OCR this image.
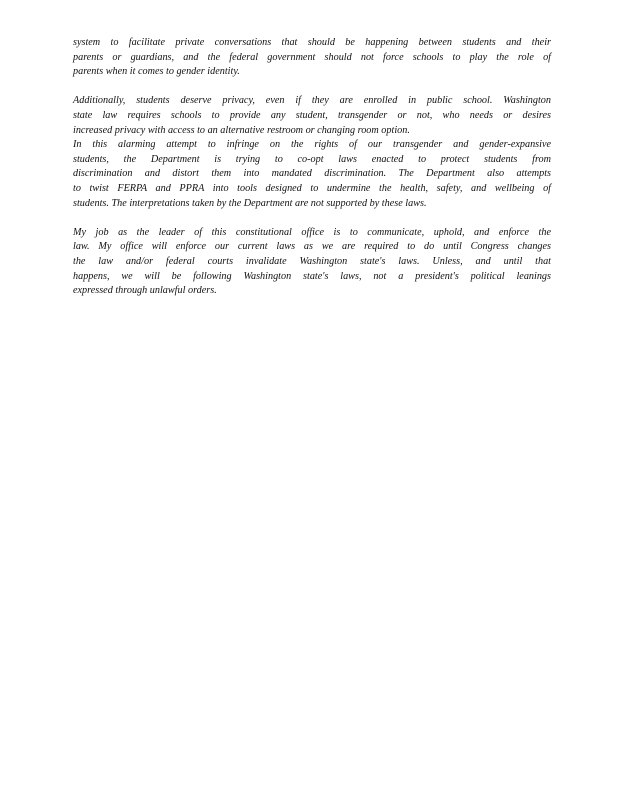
system to facilitate private conversations that should be happening between students and their
parents or guardians, and the federal government should not force schools to play the role of
parents when it comes to gender identity.
Additionally, students deserve privacy, even if they are enrolled in public school. Washington
state law requires schools to provide any student, transgender or not, who needs or desires
increased privacy with access to an alternative restroom or changing room option.
In this alarming attempt to infringe on the rights of our transgender and gender-expansive
students, the Department is trying to co-opt laws enacted to protect students from
discrimination and distort them into mandated discrimination. The Department also attempts
to twist FERPA and PPRA into tools designed to undermine the health, safety, and wellbeing of
students. The interpretations taken by the Department are not supported by these laws.
My job as the leader of this constitutional office is to communicate, uphold, and enforce the
law. My office will enforce our current laws as we are required to do until Congress changes
the law and/or federal courts invalidate Washington state's laws. Unless, and until that
happens, we will be following Washington state's laws, not a president's political leanings
expressed through unlawful orders.
